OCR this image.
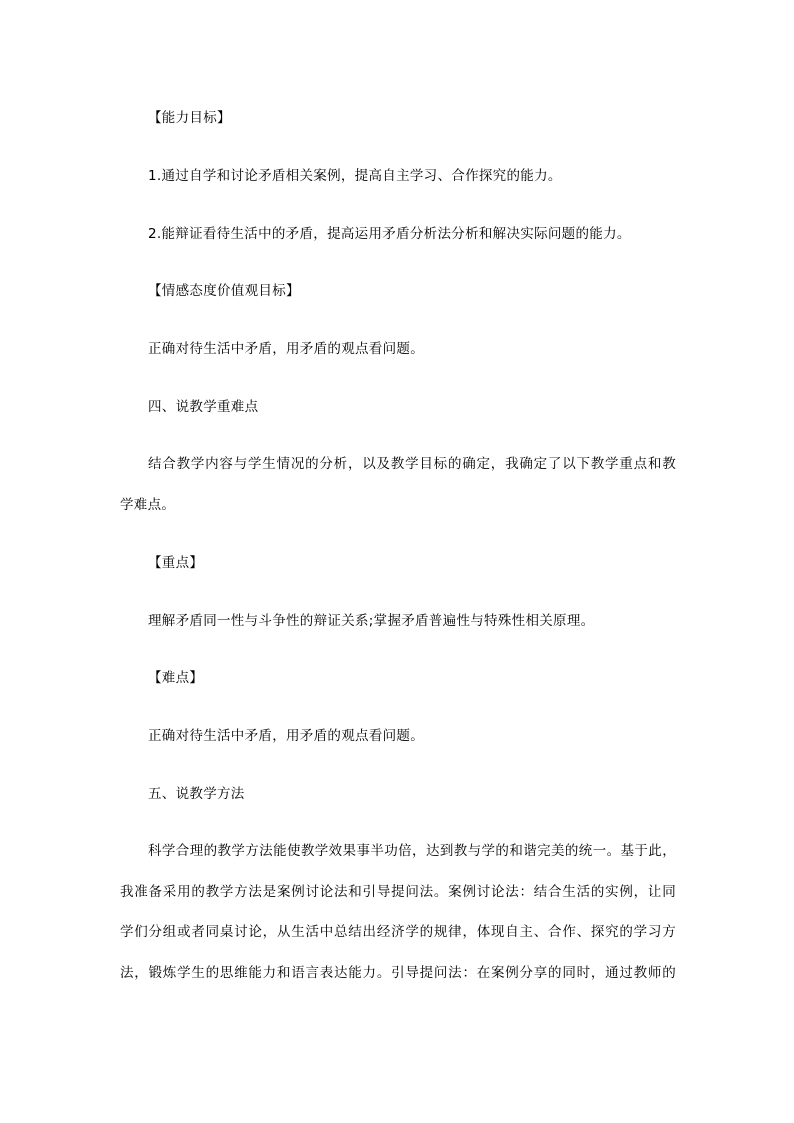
【能力目标】
1.通过自学和讨论矛盾相关案例，提高自主学习、合作探究的能力。
2.能辩证看待生活中的矛盾，提高运用矛盾分析法分析和解决实际问题的能力。
【情感态度价值观目标】
正确对待生活中矛盾，用矛盾的观点看问题。
四、说教学重难点
结合教学内容与学生情况的分析，以及教学目标的确定，我确定了以下教学重点和教
学难点。
【重点】
理解矛盾同一性与斗争性的辩证关系;掌握矛盾普遍性与特殊性相关原理。
【难点】
正确对待生活中矛盾，用矛盾的观点看问题。
五、说教学方法
科学合理的教学方法能使教学效果事半功倍，达到教与学的和谐完美的统一。基于此，
我准备采用的教学方法是案例讨论法和引导提问法。案例讨论法：结合生活的实例，让同
学们分组或者同桌讨论，从生活中总结出经济学的规律，体现自主、合作、探究的学习方
法，锻炼学生的思维能力和语言表达能力。引导提问法：在案例分享的同时，通过教师的
